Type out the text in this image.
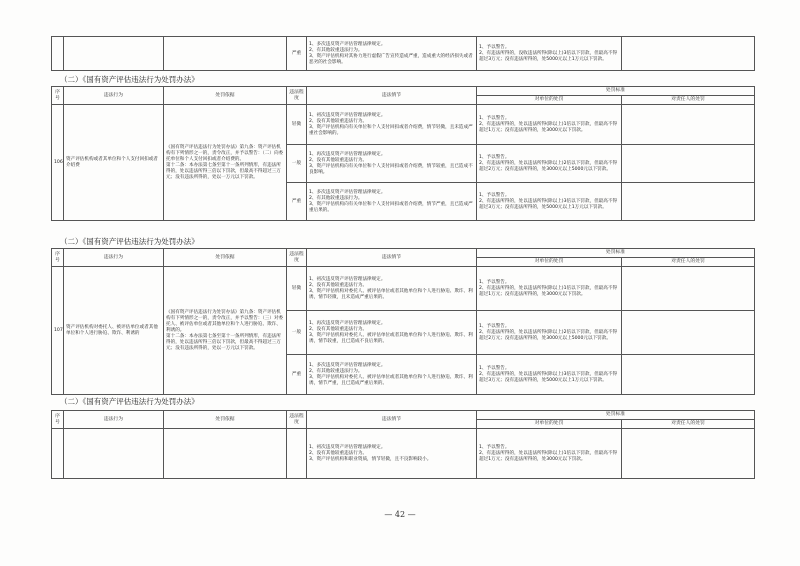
			严重	1、多次违反资产评估管理法律规定。
2、有其他较重违法行为。
3、资产评估机构对其协力进行虚假广告宣传造成严重，造成重大的经济损失或者恶劣的社会影响。	1、予以警告。
2、有违法所得的，没收违法所得(除以上)3倍以下罚款，但最高不得超过3万元；没有违法所得的，处5000元以上1万元以下罚款。	
（二）《国有资产评估违法行为处罚办法》
序号	违法行为	处罚依据	违法程度	违法情节	处罚标准	
					对单位的处罚	对责任人的处罚
106	资产评估机构或者其单位和个人支付回扣或者介绍费	《国有资产评估违法行为处罚办法》第九条：资产评估机构有下列情形之一的，责令改正，并予以警告：（二）向委托单位和个人支付回扣或者介绍费的。
第十二条：本办法第七条至第十一条所列情形，有违法所得的，处以违法所得三倍以下罚款，但最高不得超过三万元；没有违法所得的，处以一万元以下罚款。	轻微	1、初次违反资产评估管理法律规定。
2、没有其他较重违法行为。
3、资产评估机构向有关单位和个人支付回扣或者介绍费，情节轻微，且未造成严重社会影响的。	1、予以警告。
2、有违法所得的，处以违法所得(除以上)1倍以下罚款，但最高不得超过1万元；没有违法所得的，处3000元以下罚款。	
			一般	1、再次违反资产评估管理法律规定。
2、没有其他较重违法行为。
3、资产评估机构向有关单位和个人支付回扣或者介绍费，情节较重，且已造成不良影响。	1、予以警告。
2、有违法所得的，处以违法所得(除以上)2倍以下罚款，但最高不得超过2万元；没有违法所得的，处3000元以上5000元以下罚款。	
			严重	1、多次违反资产评估管理法律规定。
2、有其他较重违法行为。
3、资产评估机构向有关单位和个人支付回扣或者介绍费，情节严重，且已造成严重后果的。	1、予以警告。
2、有违法所得的，处以违法所得(除以上)3倍以下罚款，但最高不得超过3万元；没有违法所得的，处5000元以上1万元以下罚款。	
（二）《国有资产评估违法行为处罚办法》
序号	违法行为	处罚依据	违法程度	违法情节	处罚标准	
					对单位的处罚	对责任人的处罚
107	资产评估机构对委托人、被评估单位或者其他单位和个人进行胁迫、欺诈、利诱的	《国有资产评估违法行为处罚办法》第九条：资产评估机构有下列情形之一的，责令改正，并予以警告：（三）对委托人、被评估单位或者其他单位和个人进行胁迫、欺诈、利诱的。
第十二条：本办法第七条至第十一条所列情形，有违法所得的，处以违法所得三倍以下罚款，但最高不得超过三万元；没有违法所得的，处以一万元以下罚款。	轻微	1、初次违反资产评估管理法律规定。
2、没有其他较重违法行为。
3、资产评估机构对委托人、被评估单位或者其他单位和个人进行胁迫、欺诈、利诱，情节轻微，且未造成严重后果的。	1、予以警告。
2、有违法所得的，处以违法所得(除以上)1倍以下罚款，但最高不得超过1万元；没有违法所得的，处3000元以下罚款。	
			一般	1、再次违反资产评估管理法律规定。
2、没有其他较重违法行为。
3、资产评估机构对委托人、被评估单位或者其他单位和个人进行胁迫、欺诈、利诱，情节较重，且已造成不良后果的。	1、予以警告。
2、有违法所得的，处以违法所得(除以上)2倍以下罚款，但最高不得超过2万元；没有违法所得的，处3000元以上5000元以下罚款。	
			严重	1、多次违反资产评估管理法律规定。
2、有其他较重违法行为。
3、资产评估机构对委托人、被评估单位或者其他单位和个人进行胁迫、欺诈、利诱，情节严重，且已造成严重后果的。	1、予以警告。
2、有违法所得的，处以违法所得(除以上)3倍以下罚款，但最高不得超过3万元；没有违法所得的，处5000元以上1万元以下罚款。	
（二）《国有资产评估违法行为处罚办法》
序号	违法行为	处罚依据	违法程度	违法情节	处罚标准	
					对单位的处罚	对责任人的处罚
				1、初次违反资产评估管理法律规定。
2、没有其他较重违法行为。
3、资产评估机构和职业资质，情节轻微，且不良影响较小。	1、予以警告。
2、有违法所得的，处以违法所得(除以上)1倍以下罚款，但最高不得超过1万元；没有违法所得的，处3000元以下罚款。	
— 42 —
